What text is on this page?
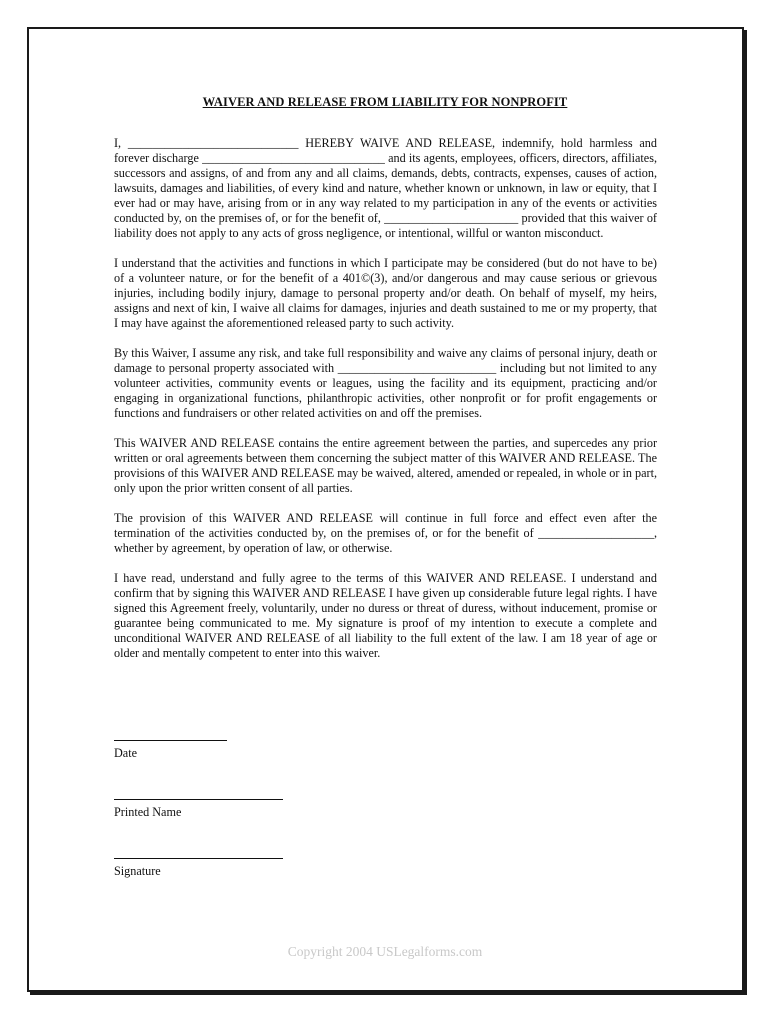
WAIVER AND RELEASE FROM LIABILITY FOR NONPROFIT

I, ____________________________ HEREBY WAIVE AND RELEASE, indemnify, hold harmless and forever discharge ______________________________ and its agents, employees, officers, directors, affiliates, successors and assigns, of and from any and all claims, demands, debts, contracts, expenses, causes of action, lawsuits, damages and liabilities, of every kind and nature, whether known or unknown, in law or equity, that I ever had or may have, arising from or in any way related to my participation in any of the events or activities conducted by, on the premises of, or for the benefit of, ______________________ provided that this waiver of liability does not apply to any acts of gross negligence, or intentional, willful or wanton misconduct.

I understand that the activities and functions in which I participate may be considered (but do not have to be) of a volunteer nature, or for the benefit of a 401©(3), and/or dangerous and may cause serious or grievous injuries, including bodily injury, damage to personal property and/or death. On behalf of myself, my heirs, assigns and next of kin, I waive all claims for damages, injuries and death sustained to me or my property, that I may have against the aforementioned released party to such activity.

By this Waiver, I assume any risk, and take full responsibility and waive any claims of personal injury, death or damage to personal property associated with __________________________ including but not limited to any volunteer activities, community events or leagues, using the facility and its equipment, practicing and/or engaging in organizational functions, philanthropic activities, other nonprofit or for profit engagements or functions and fundraisers or other related activities on and off the premises.

This WAIVER AND RELEASE contains the entire agreement between the parties, and supercedes any prior written or oral agreements between them concerning the subject matter of this WAIVER AND RELEASE. The provisions of this WAIVER AND RELEASE may be waived, altered, amended or repealed, in whole or in part, only upon the prior written consent of all parties.

The provision of this WAIVER AND RELEASE will continue in full force and effect even after the termination of the activities conducted by, on the premises of, or for the benefit of ___________________, whether by agreement, by operation of law, or otherwise.

I have read, understand and fully agree to the terms of this WAIVER AND RELEASE. I understand and confirm that by signing this WAIVER AND RELEASE I have given up considerable future legal rights. I have signed this Agreement freely, voluntarily, under no duress or threat of duress, without inducement, promise or guarantee being communicated to me. My signature is proof of my intention to execute a complete and unconditional WAIVER AND RELEASE of all liability to the full extent of the law. I am 18 year of age or older and mentally competent to enter into this waiver.

Date
Printed Name
Signature
Copyright 2004 USLegalforms.com
